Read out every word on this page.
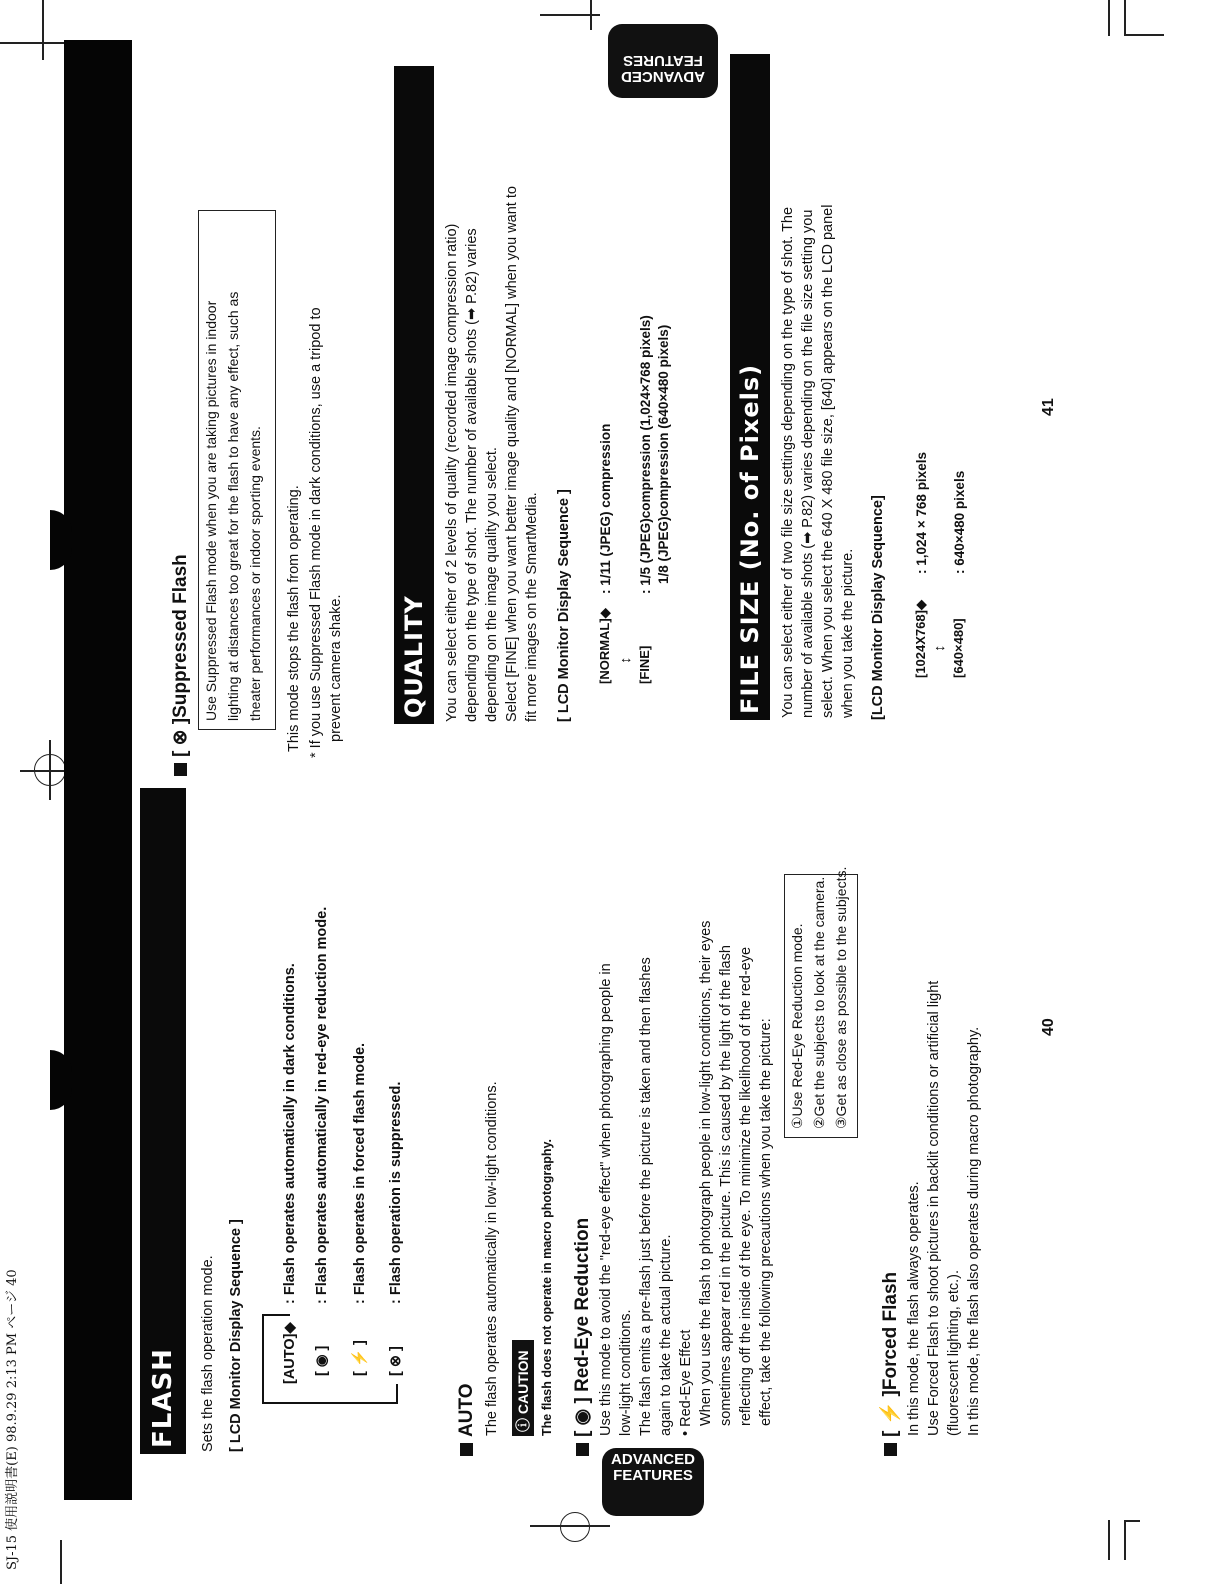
ADVANCED FEATURES
ADVANCED FEATURES
SJ-15 使用説明書(E) 98.9.29 2:13 PM ページ 40	FLASH	Sets the flash operation mode. [ LCD Monitor Display Sequence ]	[AUTO]◆
: Flash operates automatically in dark conditions.
[ ◉ ]
: Flash operates automatically in red-eye reduction mode.
[ ⚡ ]
: Flash operates in forced flash mode.
[ ⊗ ]
: Flash operation is suppressed.
AUTO The flash operates automatically in low-light conditions. ⓘ CAUTION The flash does not operate in macro photography. [ ◉ ] Red-Eye Reduction Use this mode to avoid the "red-eye effect" when photographing people in low-light conditions. The flash emits a pre-flash just before the picture is taken and then flashes again to take the actual picture. • Red-Eye Effect When you use the flash to photograph people in low-light conditions, their eyes sometimes appear red in the picture. This is caused by the light of the flash reflecting off the inside of the eye. To minimize the likelihood of the red-eye effect, take the following precautions when you take the picture: ①Use Red-Eye Reduction mode. ②Get the subjects to look at the camera. ③Get as close as possible to the subjects.
[ ⚡ ]Forced Flash In this mode, the flash always operates. Use Forced Flash to shoot pictures in backlit conditions or artificial light (fluorescent lighting, etc.). In this mode, the flash also operates during macro photography.	40
[ ⊗ ]Suppressed Flash Use Suppressed Flash mode when you are taking pictures in indoor lighting at distances too great for the flash to have any effect, such as theater performances or indoor sporting events. This mode stops the flash from operating. * If you use Suppressed Flash mode in dark conditions, use a tripod to prevent camera shake. QUALITY	You can select either of 2 levels of quality (recorded image compression ratio) depending on the type of shot. The number of available shots (➡ P.82) varies depending on the image quality you select. Select [FINE] when you want better image quality and [NORMAL] when you want to fit more images on the SmartMedia. [ LCD Monitor Display Sequence ] [NORMAL]◆
: 1/11 (JPEG) compression
↕ [FINE]
: 1/5 (JPEG)compression (1,024×768 pixels) 1/8 (JPEG)compression (640×480 pixels)	FILE SIZE (No. of Pixels)	You can select either of two file size settings depending on the type of shot. The number of available shots (➡ P.82) varies depending on the file size setting you select. When you select the 640 X 480 file size, [640] appears on the LCD panel when you take the picture. [LCD Monitor Display Sequence] [1024X768]◆
: 1,024 × 768 pixels
↕ [640×480]
: 640×480 pixels
41
